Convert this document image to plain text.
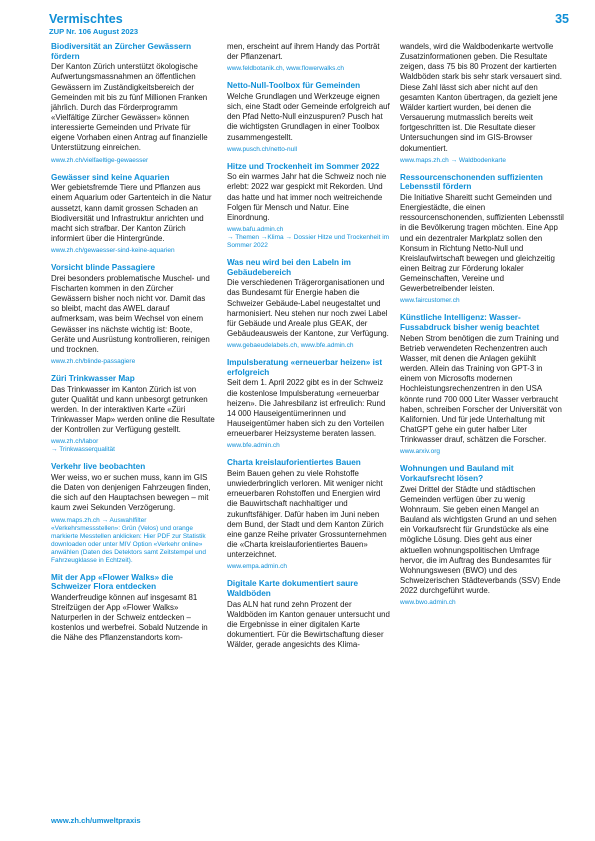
Vermischtes
ZUP Nr. 106 August 2023
35
Biodiversität an Zürcher Gewässern fördern

Der Kanton Zürich unterstützt ökologische Aufwertungsmassnahmen an öffentlichen Gewässern im Zuständigkeitsbereich der Gemeinden mit bis zu fünf Millionen Franken jährlich. Durch das Förderprogramm «Vielfältige Zürcher Gewässer» können interessierte Gemeinden und Private für eigene Vorhaben einen Antrag auf finanzielle Unterstützung einreichen.

www.zh.ch/vielfaeltige-gewaesser
Gewässer sind keine Aquarien

Wer gebietsfremde Tiere und Pflanzen aus einem Aquarium oder Gartenteich in die Natur aussetzt, kann damit grossen Schaden an Biodiversität und Infrastruktur anrichten und macht sich strafbar. Der Kanton Zürich informiert über die Hintergründe.

www.zh.ch/gewaesser-sind-keine-aquarien
Vorsicht blinde Passagiere

Drei besonders problematische Muschel- und Fischarten kommen in den Zürcher Gewässern bisher noch nicht vor. Damit das so bleibt, macht das AWEL darauf aufmerksam, was beim Wechsel von einem Gewässer ins nächste wichtig ist: Boote, Geräte und Ausrüstung kontrollieren, reinigen und trocknen.

www.zh.ch/blinde-passagiere
Züri Trinkwasser Map

Das Trinkwasser im Kanton Zürich ist von guter Qualität und kann unbesorgt getrunken werden. In der interaktiven Karte «Züri Trinkwasser Map» werden online die Resultate der Kontrollen zur Verfügung gestellt.

www.zh.ch/labor
→ Trinkwasserqualität
Verkehr live beobachten

Wer weiss, wo er suchen muss, kann im GIS die Daten von denjenigen Fahrzeugen finden, die sich auf den Hauptachsen bewegen – mit kaum zwei Sekunden Verzögerung.

www.maps.zh.ch → Auswahlfilter «Verkehrsmessstellen»: Grün (Velos) und orange markierte Messtellen anklicken: Hier PDF zur Statistik downloaden oder unter MIV Option «Verkehr online» anwählen (Daten des Detektors samt Zeitstempel und Fahrzeugklasse in Echtzeit).
Mit der App «Flower Walks» die Schweizer Flora entdecken

Wanderfreudige können auf insgesamt 81 Streifzügen der App «Flower Walks» Naturperlen in der Schweiz entdecken – kostenlos und werbefrei. Sobald Nutzende in die Nähe des Pflanzenstandorts kom-

men, erscheint auf ihrem Handy das Porträt der Pflanzenart.

www.feldbotanik.ch, www.flowerwalks.ch
Netto-Null-Toolbox für Gemeinden

Welche Grundlagen und Werkzeuge eignen sich, eine Stadt oder Gemeinde erfolgreich auf den Pfad Netto-Null einzuspuren? Pusch hat die wichtigsten Grundlagen in einer Toolbox zusammengestellt.

www.pusch.ch/netto-null
Hitze und Trockenheit im Sommer 2022

So ein warmes Jahr hat die Schweiz noch nie erlebt: 2022 war gespickt mit Rekorden. Und das hatte und hat immer noch weitreichende Folgen für Mensch und Natur. Eine Einordnung.

www.bafu.admin.ch
→ Themen →Klima → Dossier Hitze und Trockenheit im Sommer 2022
Was neu wird bei den Labeln im Gebäudebereich

Die verschiedenen Trägerorganisationen und das Bundesamt für Energie haben die Schweizer Gebäude-Label neugestaltet und harmonisiert. Neu stehen nur noch zwei Label für Gebäude und Areale plus GEAK, der Gebäudeausweis der Kantone, zur Verfügung.

www.gebaeudelabels.ch, www.bfe.admin.ch
Impulsberatung «erneuerbar heizen» ist erfolgreich

Seit dem 1. April 2022 gibt es in der Schweiz die kostenlose Impulsberatung «erneuerbar heizen». Die Jahresbilanz ist erfreulich: Rund 14 000 Hauseigentümerinnen und Hauseigentümer haben sich zu den Vorteilen erneuerbarer Heizsysteme beraten lassen.

www.bfe.admin.ch
Charta kreislauforientiertes Bauen

Beim Bauen gehen zu viele Rohstoffe unwiederbringlich verloren. Mit weniger nicht erneuerbaren Rohstoffen und Energien wird die Bauwirtschaft nachhaltiger und zukunftsfähiger. Dafür haben im Juni neben dem Bund, der Stadt und dem Kanton Zürich eine ganze Reihe privater Grossunternehmen die «Charta kreislauforientiertes Bauen» unterzeichnet.

www.empa.admin.ch
Digitale Karte dokumentiert saure Waldböden

Das ALN hat rund zehn Prozent der Waldböden im Kanton genauer untersucht und die Ergebnisse in einer digitalen Karte dokumentiert. Für die Bewirtschaftung dieser Wälder, gerade angesichts des Klima-

wandels, wird die Waldbodenkarte wertvolle Zusatzinformationen geben. Die Resultate zeigen, dass 75 bis 80 Prozent der kartierten Waldböden stark bis sehr stark versauert sind. Diese Zahl lässt sich aber nicht auf den gesamten Kanton übertragen, da gezielt jene Wälder kartiert wurden, bei denen die Versauerung mutmasslich bereits weit fortgeschritten ist. Die Resultate dieser Untersuchungen sind im GIS-Browser dokumentiert.

www.maps.zh.ch → Waldbodenkarte
Ressourcenschonenden suffizienten Lebensstil fördern

Die Initiative Shareitt sucht Gemeinden und Energiestädte, die einen ressourcenschonenden, suffizienten Lebensstil in die Bevölkerung tragen möchten. Eine App und ein dezentraler Markplatz sollen den Konsum in Richtung Netto-Null und Kreislaufwirtschaft bewegen und gleichzeitig einen Beitrag zur Förderung lokaler Gemeinschaften, Vereine und Gewerbetreibender leisten.

www.faircustomer.ch
Künstliche Intelligenz: Wasser-Fussabdruck bisher wenig beachtet

Neben Strom benötigen die zum Training und Betrieb verwendeten Rechenzentren auch Wasser, mit denen die Anlagen gekühlt werden. Allein das Training von GPT-3 in einem von Microsofts modernen Hochleistungsrechenzentren in den USA könnte rund 700 000 Liter Wasser verbraucht haben, schreiben Forscher der Universität von Kalifornien. Und für jede Unterhaltung mit ChatGPT gehe ein guter halber Liter Trinkwasser drauf, schätzen die Forscher.

www.arxiv.org
Wohnungen und Bauland mit Vorkaufsrecht lösen?

Zwei Drittel der Städte und städtischen Gemeinden verfügen über zu wenig Wohnraum. Sie geben einen Mangel an Bauland als wichtigsten Grund an und sehen ein Vorkaufsrecht für Grundstücke als eine mögliche Lösung. Dies geht aus einer aktuellen wohnungspolitischen Umfrage hervor, die im Auftrag des Bundesamtes für Wohnungswesen (BWO) und des Schweizerischen Städteverbands (SSV) Ende 2022 durchgeführt wurde.

www.bwo.admin.ch
www.zh.ch/umweltpraxis
